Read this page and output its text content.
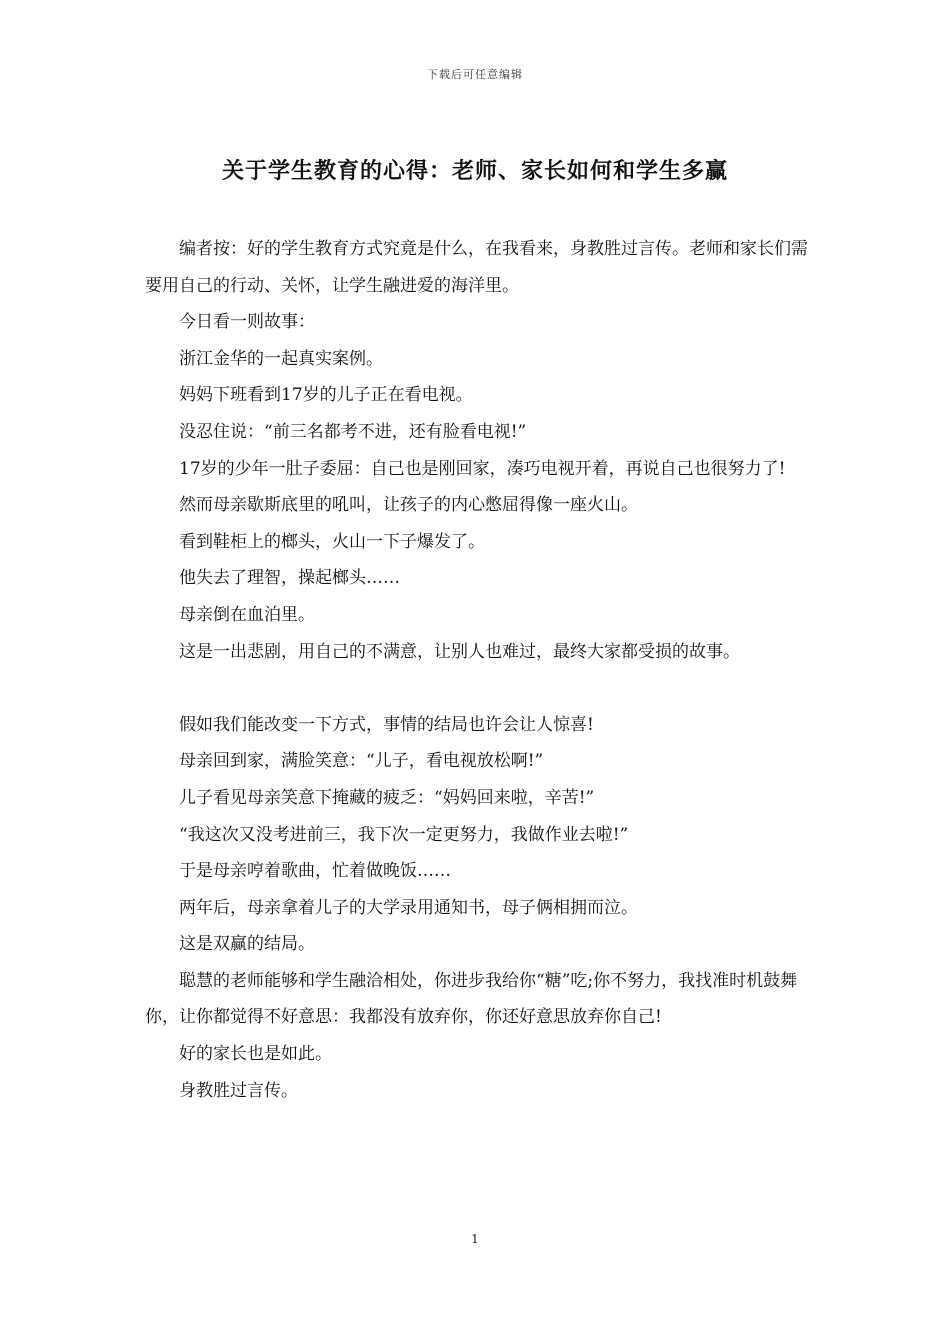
下载后可任意编辑
关于学生教育的心得：老师、家长如何和学生多赢

编者按：好的学生教育方式究竟是什么，在我看来，身教胜过言传。老师和家长们需要用自己的行动、关怀，让学生融进爱的海洋里。

今日看一则故事：

浙江金华的一起真实案例。

妈妈下班看到17岁的儿子正在看电视。

没忍住说：“前三名都考不进，还有脸看电视!”

17岁的少年一肚子委屈：自己也是刚回家，凑巧电视开着，再说自己也很努力了!

然而母亲歇斯底里的吼叫，让孩子的内心憋屈得像一座火山。

看到鞋柜上的榔头，火山一下子爆发了。

他失去了理智，操起榔头……

母亲倒在血泊里。

这是一出悲剧，用自己的不满意，让别人也难过，最终大家都受损的故事。

假如我们能改变一下方式，事情的结局也许会让人惊喜!

母亲回到家，满脸笑意：“儿子，看电视放松啊!”

儿子看见母亲笑意下掩藏的疲乏：“妈妈回来啦，辛苦!”

“我这次又没考进前三，我下次一定更努力，我做作业去啦!”

于是母亲哼着歌曲，忙着做晚饭……

两年后，母亲拿着儿子的大学录用通知书，母子俩相拥而泣。

这是双赢的结局。

聪慧的老师能够和学生融洽相处，你进步我给你“糖”吃;你不努力，我找准时机鼓舞你，让你都觉得不好意思：我都没有放弃你，你还好意思放弃你自己!

好的家长也是如此。

身教胜过言传。

1
